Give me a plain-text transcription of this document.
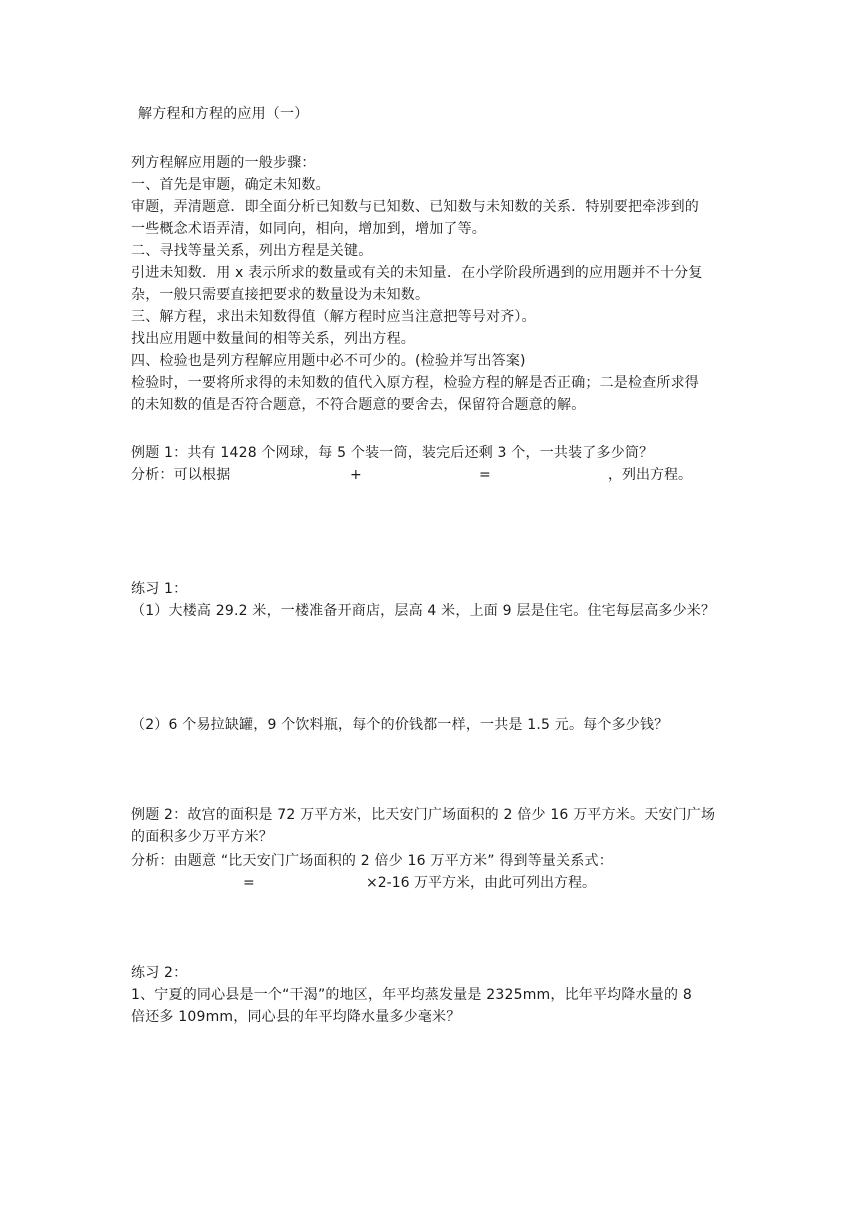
解方程和方程的应用（一）
列方程解应用题的一般步骤：
一、首先是审题，确定未知数。
审题，弄清题意．即全面分析已知数与已知数、已知数与未知数的关系．特别要把牵涉到的
一些概念术语弄清，如同向，相向，增加到，增加了等。
二、寻找等量关系，列出方程是关键。
引进未知数．用 x 表示所求的数量或有关的未知量．在小学阶段所遇到的应用题并不十分复
杂，一般只需要直接把要求的数量设为未知数。
三、解方程，求出未知数得值（解方程时应当注意把等号对齐）。
找出应用题中数量间的相等关系，列出方程。
四、检验也是列方程解应用题中必不可少的。(检验并写出答案)
检验时，一要将所求得的未知数的值代入原方程，检验方程的解是否正确；二是检查所求得
的未知数的值是否符合题意，不符合题意的要舍去，保留符合题意的解。
例题 1：共有 1428 个网球，每 5 个装一筒，装完后还剩 3 个，一共装了多少筒？
分析：可以根据	+	=	，列出方程。
练习 1：
（1）大楼高 29.2 米，一楼准备开商店，层高 4 米，上面 9 层是住宅。住宅每层高多少米？
（2）6 个易拉缺罐，9 个饮料瓶，每个的价钱都一样，一共是 1.5 元。每个多少钱？
例题 2：故宫的面积是 72 万平方米，比天安门广场面积的 2 倍少 16 万平方米。天安门广场
的面积多少万平方米？
分析：由题意 “比天安门广场面积的 2 倍少 16 万平方米” 得到等量关系式：
=	×2-16 万平方米，由此可列出方程。
练习 2：
1、宁夏的同心县是一个“干渴”的地区，年平均蒸发量是 2325mm，比年平均降水量的 8
倍还多 109mm，同心县的年平均降水量多少毫米？
